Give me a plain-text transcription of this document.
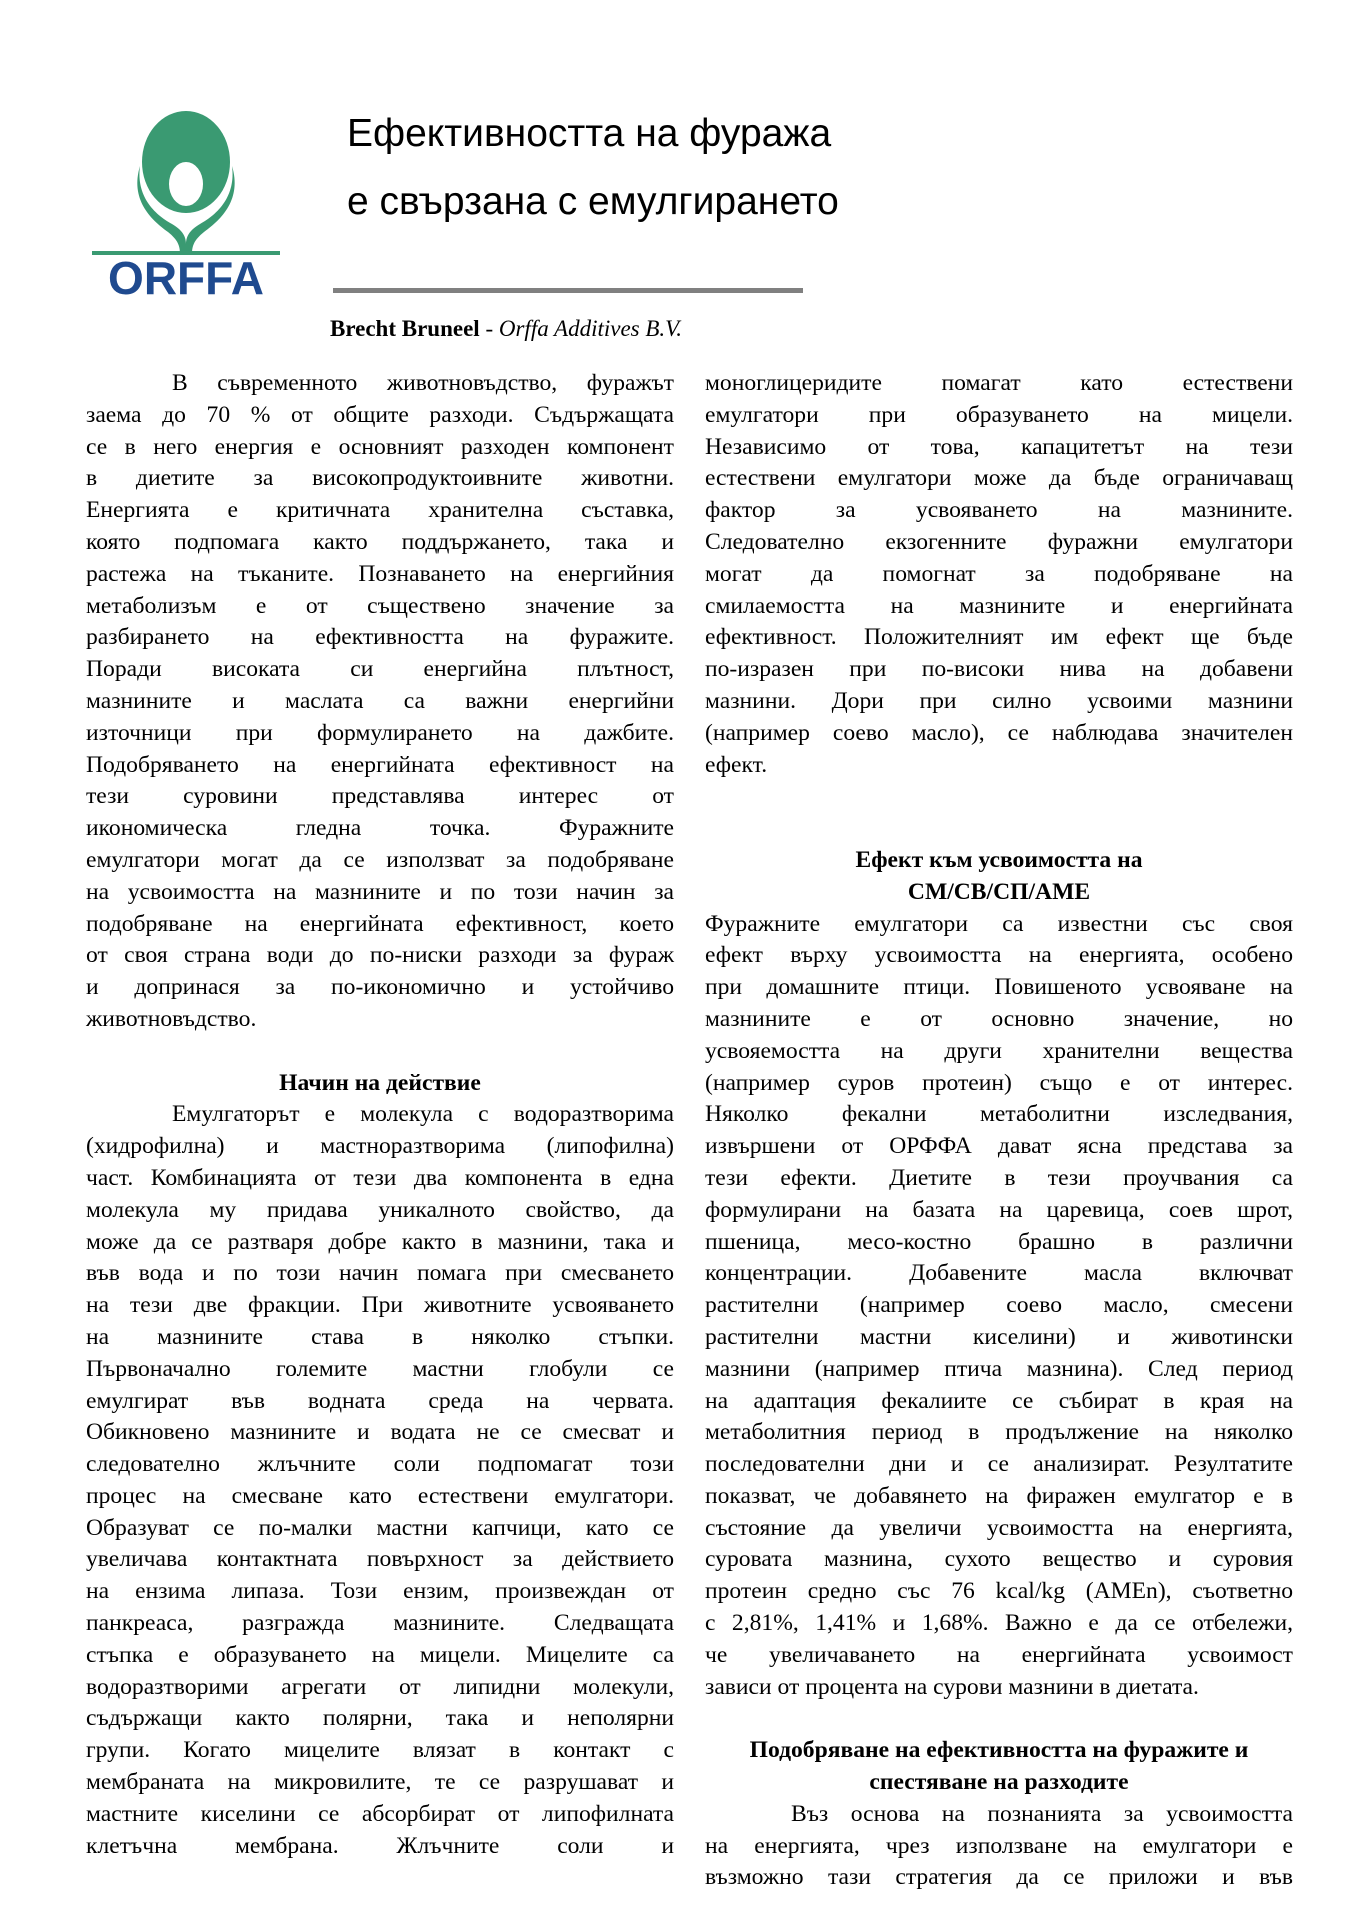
ORFFA
Ефективността на фуража
е свързана с емулгирането
Brecht Bruneel - Orffa Additives B.V.
В съвременното животновъдство, фуражът
заема до 70 % от общите разходи. Съдържащата
се в него енергия е основният разходен компонент
в диетите за високопродуктоивните животни.
Енергията е критичната хранителна съставка,
която подпомага както поддържането, така и
растежа на тъканите. Познаването на енергийния
метаболизъм е от съществено значение за
разбирането на ефективността на фуражите.
Поради високата си енергийна плътност,
мазнините и маслата са важни енергийни
източници при формулирането на дажбите.
Подобряването на енергийната ефективност на
тези суровини представлява интерес от
икономическа гледна точка. Фуражните
емулгатори могат да се използват за подобряване
на усвоимостта на мазнините и по този начин за
подобряване на енергийната ефективност, което
от своя страна води до по-ниски разходи за фураж
и допринася за по-икономично и устойчиво
животновъдство.
Начин на действие
Емулгаторът е молекула с водоразтворима
(хидрофилна) и мастноразтворима (липофилна)
част. Комбинацията от тези два компонента в една
молекула му придава уникалното свойство, да
може да се разтваря добре както в мазнини, така и
във вода и по този начин помага при смесването
на тези две фракции. При животните усвояването
на мазнините става в няколко стъпки.
Първоначално големите мастни глобули се
емулгират във водната среда на червата.
Обикновено мазнините и водата не се смесват и
следователно жлъчните соли подпомагат този
процес на смесване като естествени емулгатори.
Образуват се по-малки мастни капчици, като се
увеличава контактната повърхност за действието
на ензима липаза. Този ензим, произвеждан от
панкреаса, разгражда мазнините. Следващата
стъпка е образуването на мицели. Мицелите са
водоразтворими агрегати от липидни молекули,
съдържащи както полярни, така и неполярни
групи. Когато мицелите влязат в контакт с
мембраната на микровилите, те се разрушават и
мастните киселини се абсорбират от липофилната
клетъчна мембрана. Жлъчните соли и
моноглицеридите помагат като естествени
емулгатори при образуването на мицели.
Независимо от това, капацитетът на тези
естествени емулгатори може да бъде ограничаващ
фактор за усвояването на мазнините.
Следователно екзогенните фуражни емулгатори
могат да помогнат за подобряване на
смилаемостта на мазнините и енергийната
ефективност. Положителният им ефект ще бъде
по-изразен при по-високи нива на добавени
мазнини. Дори при силно усвоими мазнини
(например соево масло), се наблюдава значителен
ефект.
Ефект към усвоимостта на
СМ/СВ/СП/АМЕ
Фуражните емулгатори са известни със своя
ефект върху усвоимостта на енергията, особено
при домашните птици. Повишеното усвояване на
мазнините е от основно значение, но
усвояемостта на други хранителни вещества
(например суров протеин) също е от интерес.
Няколко фекални метаболитни изследвания,
извършени от ОРФФА дават ясна представа за
тези ефекти. Диетите в тези проучвания са
формулирани на базата на царевица, соев шрот,
пшеница, месо-костно брашно в различни
концентрации. Добавените масла включват
растителни (например соево масло, смесени
растителни мастни киселини) и животински
мазнини (например птича мазнина). След период
на адаптация фекалиите се събират в края на
метаболитния период в продължение на няколко
последователни дни и се анализират. Резултатите
показват, че добавянето на фиражен емулгатор е в
състояние да увеличи усвоимостта на енергията,
суровата мазнина, сухото вещество и суровия
протеин средно със 76 kcal/kg (AMEn), съответно
с 2,81%, 1,41% и 1,68%. Важно е да се отбележи,
че увеличаването на енергийната усвоимост
зависи от процента на сурови мазнини в диетата.
Подобряване на ефективността на фуражите и
спестяване на разходите
Въз основа на познанията за усвоимостта
на енергията, чрез използване на емулгатори е
възможно тази стратегия да се приложи и във
